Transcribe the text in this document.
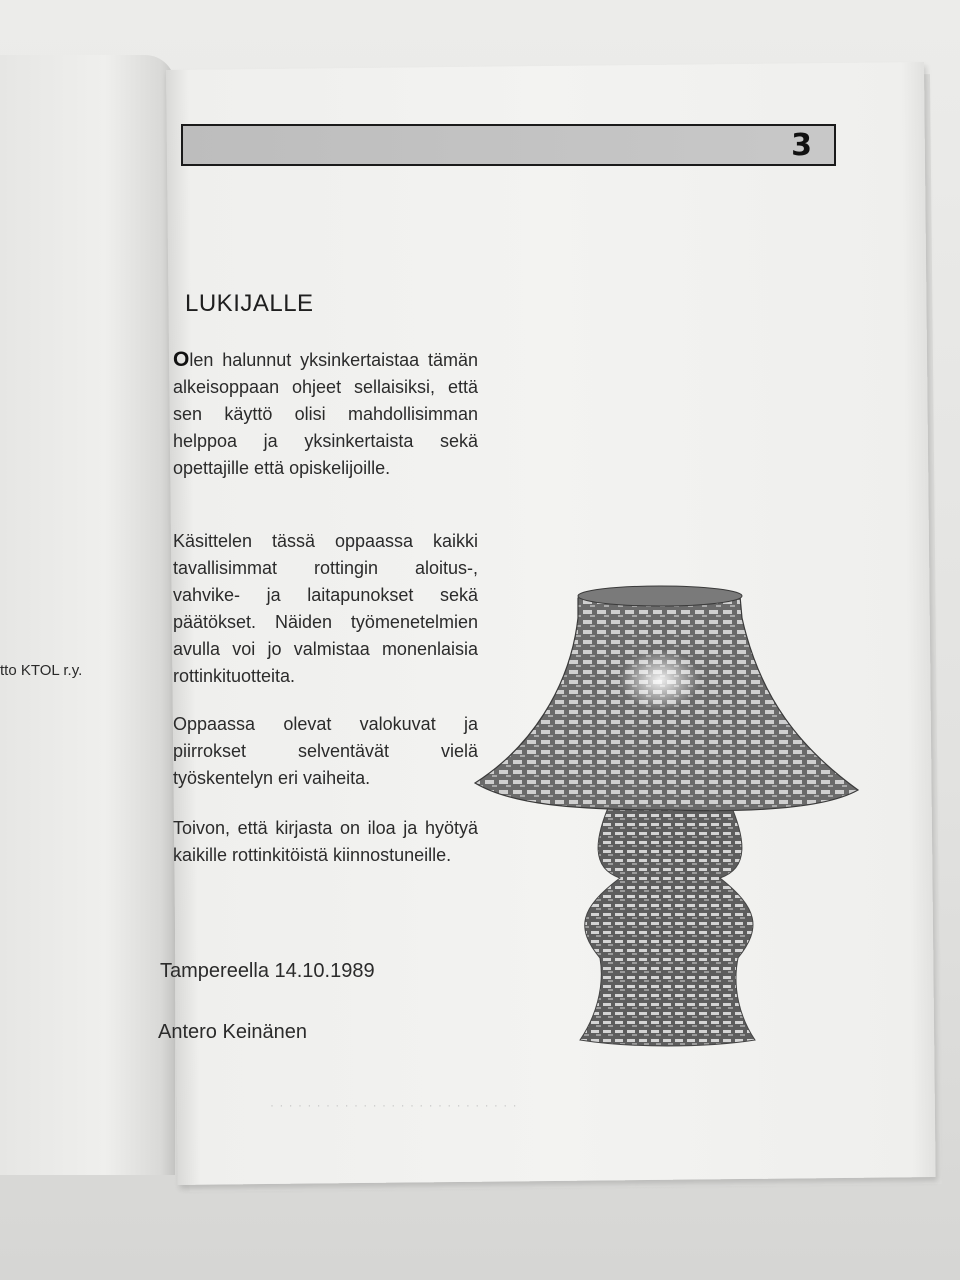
tto KTOL r.y.
3
LUKIJALLE
Olen halunnut yksinkertaistaa tämän alkeisoppaan ohjeet sellaisiksi, että sen käyttö olisi mahdollisimman helppoa ja yksinkertaista sekä opettajille että opiskelijoille.
Käsittelen tässä oppaassa kaikki tavallisimmat rottingin aloitus-, vahvike- ja laitapunokset sekä päätökset. Näiden työmenetelmien avulla voi jo valmistaa monenlaisia rottinkituotteita.
Oppaassa olevat valokuvat ja piirrokset selventävät vielä työskentelyn eri vaiheita.
Toivon, että kirjasta on iloa ja hyötyä kaikille rottinkitöistä kiinnostuneille.
Tampereella 14.10.1989
Antero Keinänen
· · · · · · · · · · · · · · · · · · · · · · · · · · ·
